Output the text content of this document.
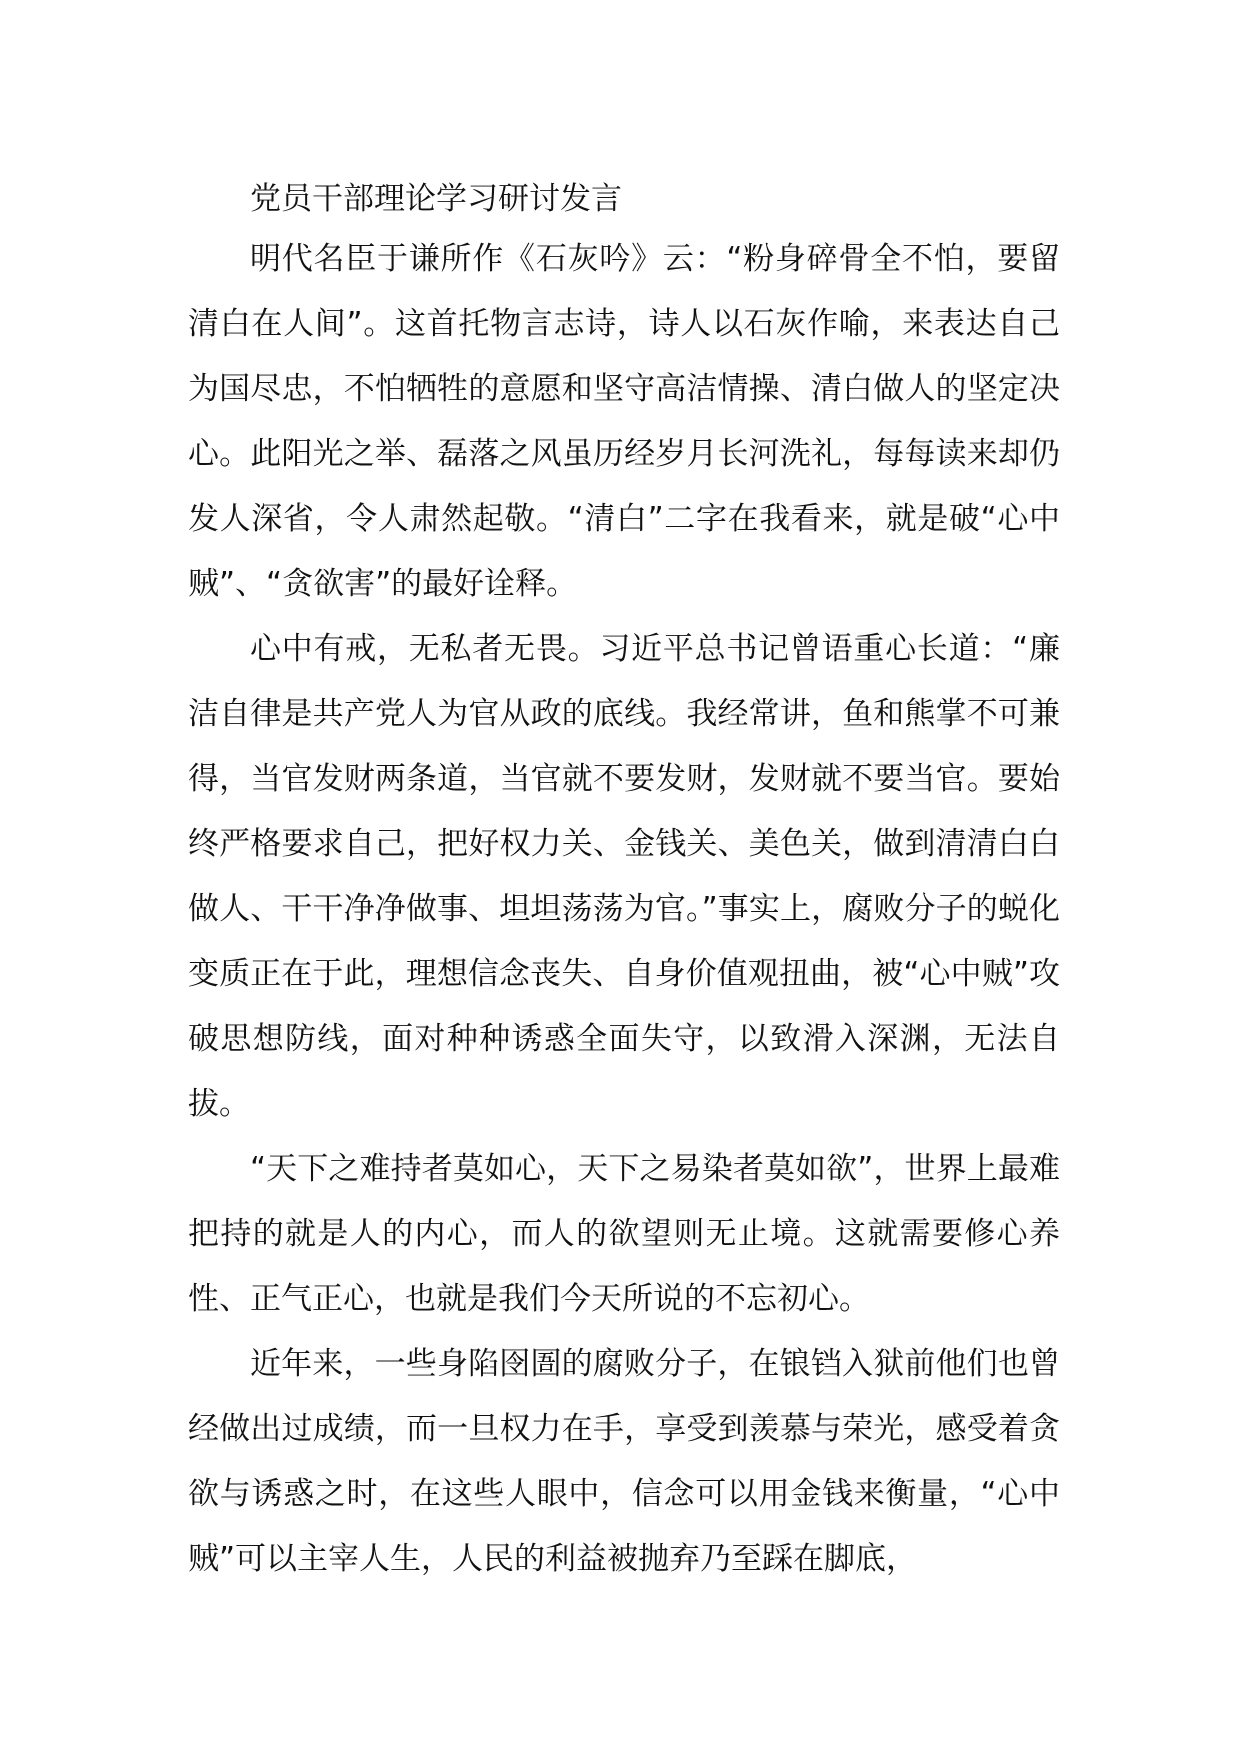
党员干部理论学习研讨发言

明代名臣于谦所作《石灰吟》云：“粉身碎骨全不怕，要留清白在人间”。这首托物言志诗，诗人以石灰作喻，来表达自己为国尽忠，不怕牺牲的意愿和坚守高洁情操、清白做人的坚定决心。此阳光之举、磊落之风虽历经岁月长河洗礼，每每读来却仍发人深省，令人肃然起敬。“清白”二字在我看来，就是破“心中贼”、“贪欲害”的最好诠释。

心中有戒，无私者无畏。习近平总书记曾语重心长道：“廉洁自律是共产党人为官从政的底线。我经常讲，鱼和熊掌不可兼得，当官发财两条道，当官就不要发财，发财就不要当官。要始终严格要求自己，把好权力关、金钱关、美色关，做到清清白白做人、干干净净做事、坦坦荡荡为官。”事实上，腐败分子的蜕化变质正在于此，理想信念丧失、自身价值观扭曲，被“心中贼”攻破思想防线，面对种种诱惑全面失守，以致滑入深渊，无法自拔。

“天下之难持者莫如心，天下之易染者莫如欲”，世界上最难把持的就是人的内心，而人的欲望则无止境。这就需要修心养性、正气正心，也就是我们今天所说的不忘初心。

近年来，一些身陷囹圄的腐败分子，在锒铛入狱前他们也曾经做出过成绩，而一旦权力在手，享受到羡慕与荣光，感受着贪欲与诱惑之时，在这些人眼中，信念可以用金钱来衡量，“心中贼”可以主宰人生，人民的利益被抛弃乃至踩在脚底，
